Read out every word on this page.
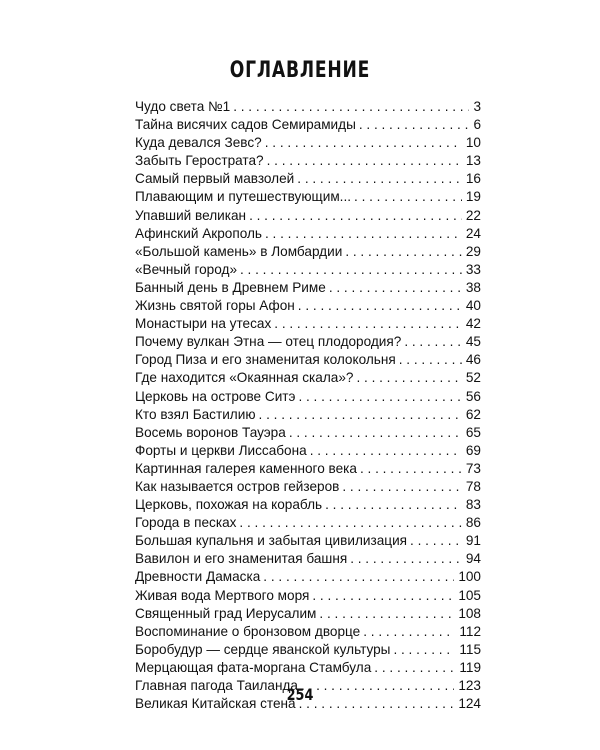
ОГЛАВЛЕНИЕ
Чудо света №1 . . .	3
Тайна висячих садов Семирамиды . . .	6
Куда девался Зевс? . . .	10
Забыть Герострата? . . .	13
Самый первый мавзолей . . .	16
Плавающим и путешествующим... . . .	19
Упавший великан . . .	22
Афинский Акрополь . . .	24
«Большой камень» в Ломбардии . . .	29
«Вечный город» . . .	33
Банный день в Древнем Риме . . .	38
Жизнь святой горы Афон . . .	40
Монастыри на утесах . . .	42
Почему вулкан Этна — отец плодородия? . . .	45
Город Пиза и его знаменитая колокольня . . .	46
Где находится «Окаянная скала»? . . .	52
Церковь на острове Ситэ . . .	56
Кто взял Бастилию . . .	62
Восемь воронов Тауэра . . .	65
Форты и церкви Лиссабона . . .	69
Картинная галерея каменного века . . .	73
Как называется остров гейзеров . . .	78
Церковь, похожая на корабль . . .	83
Города в песках . . .	86
Большая купальня и забытая цивилизация . . .	91
Вавилон и его знаменитая башня . . .	94
Древности Дамаска . . .	100
Живая вода Мертвого моря . . .	105
Священный град Иерусалим . . .	108
Воспоминание о бронзовом дворце . . .	112
Боробудур — сердце яванской культуры . . .	115
Мерцающая фата-моргана Стамбула . . .	119
Главная пагода Таиланда . . .	123
Великая Китайская стена . . .	124
254
